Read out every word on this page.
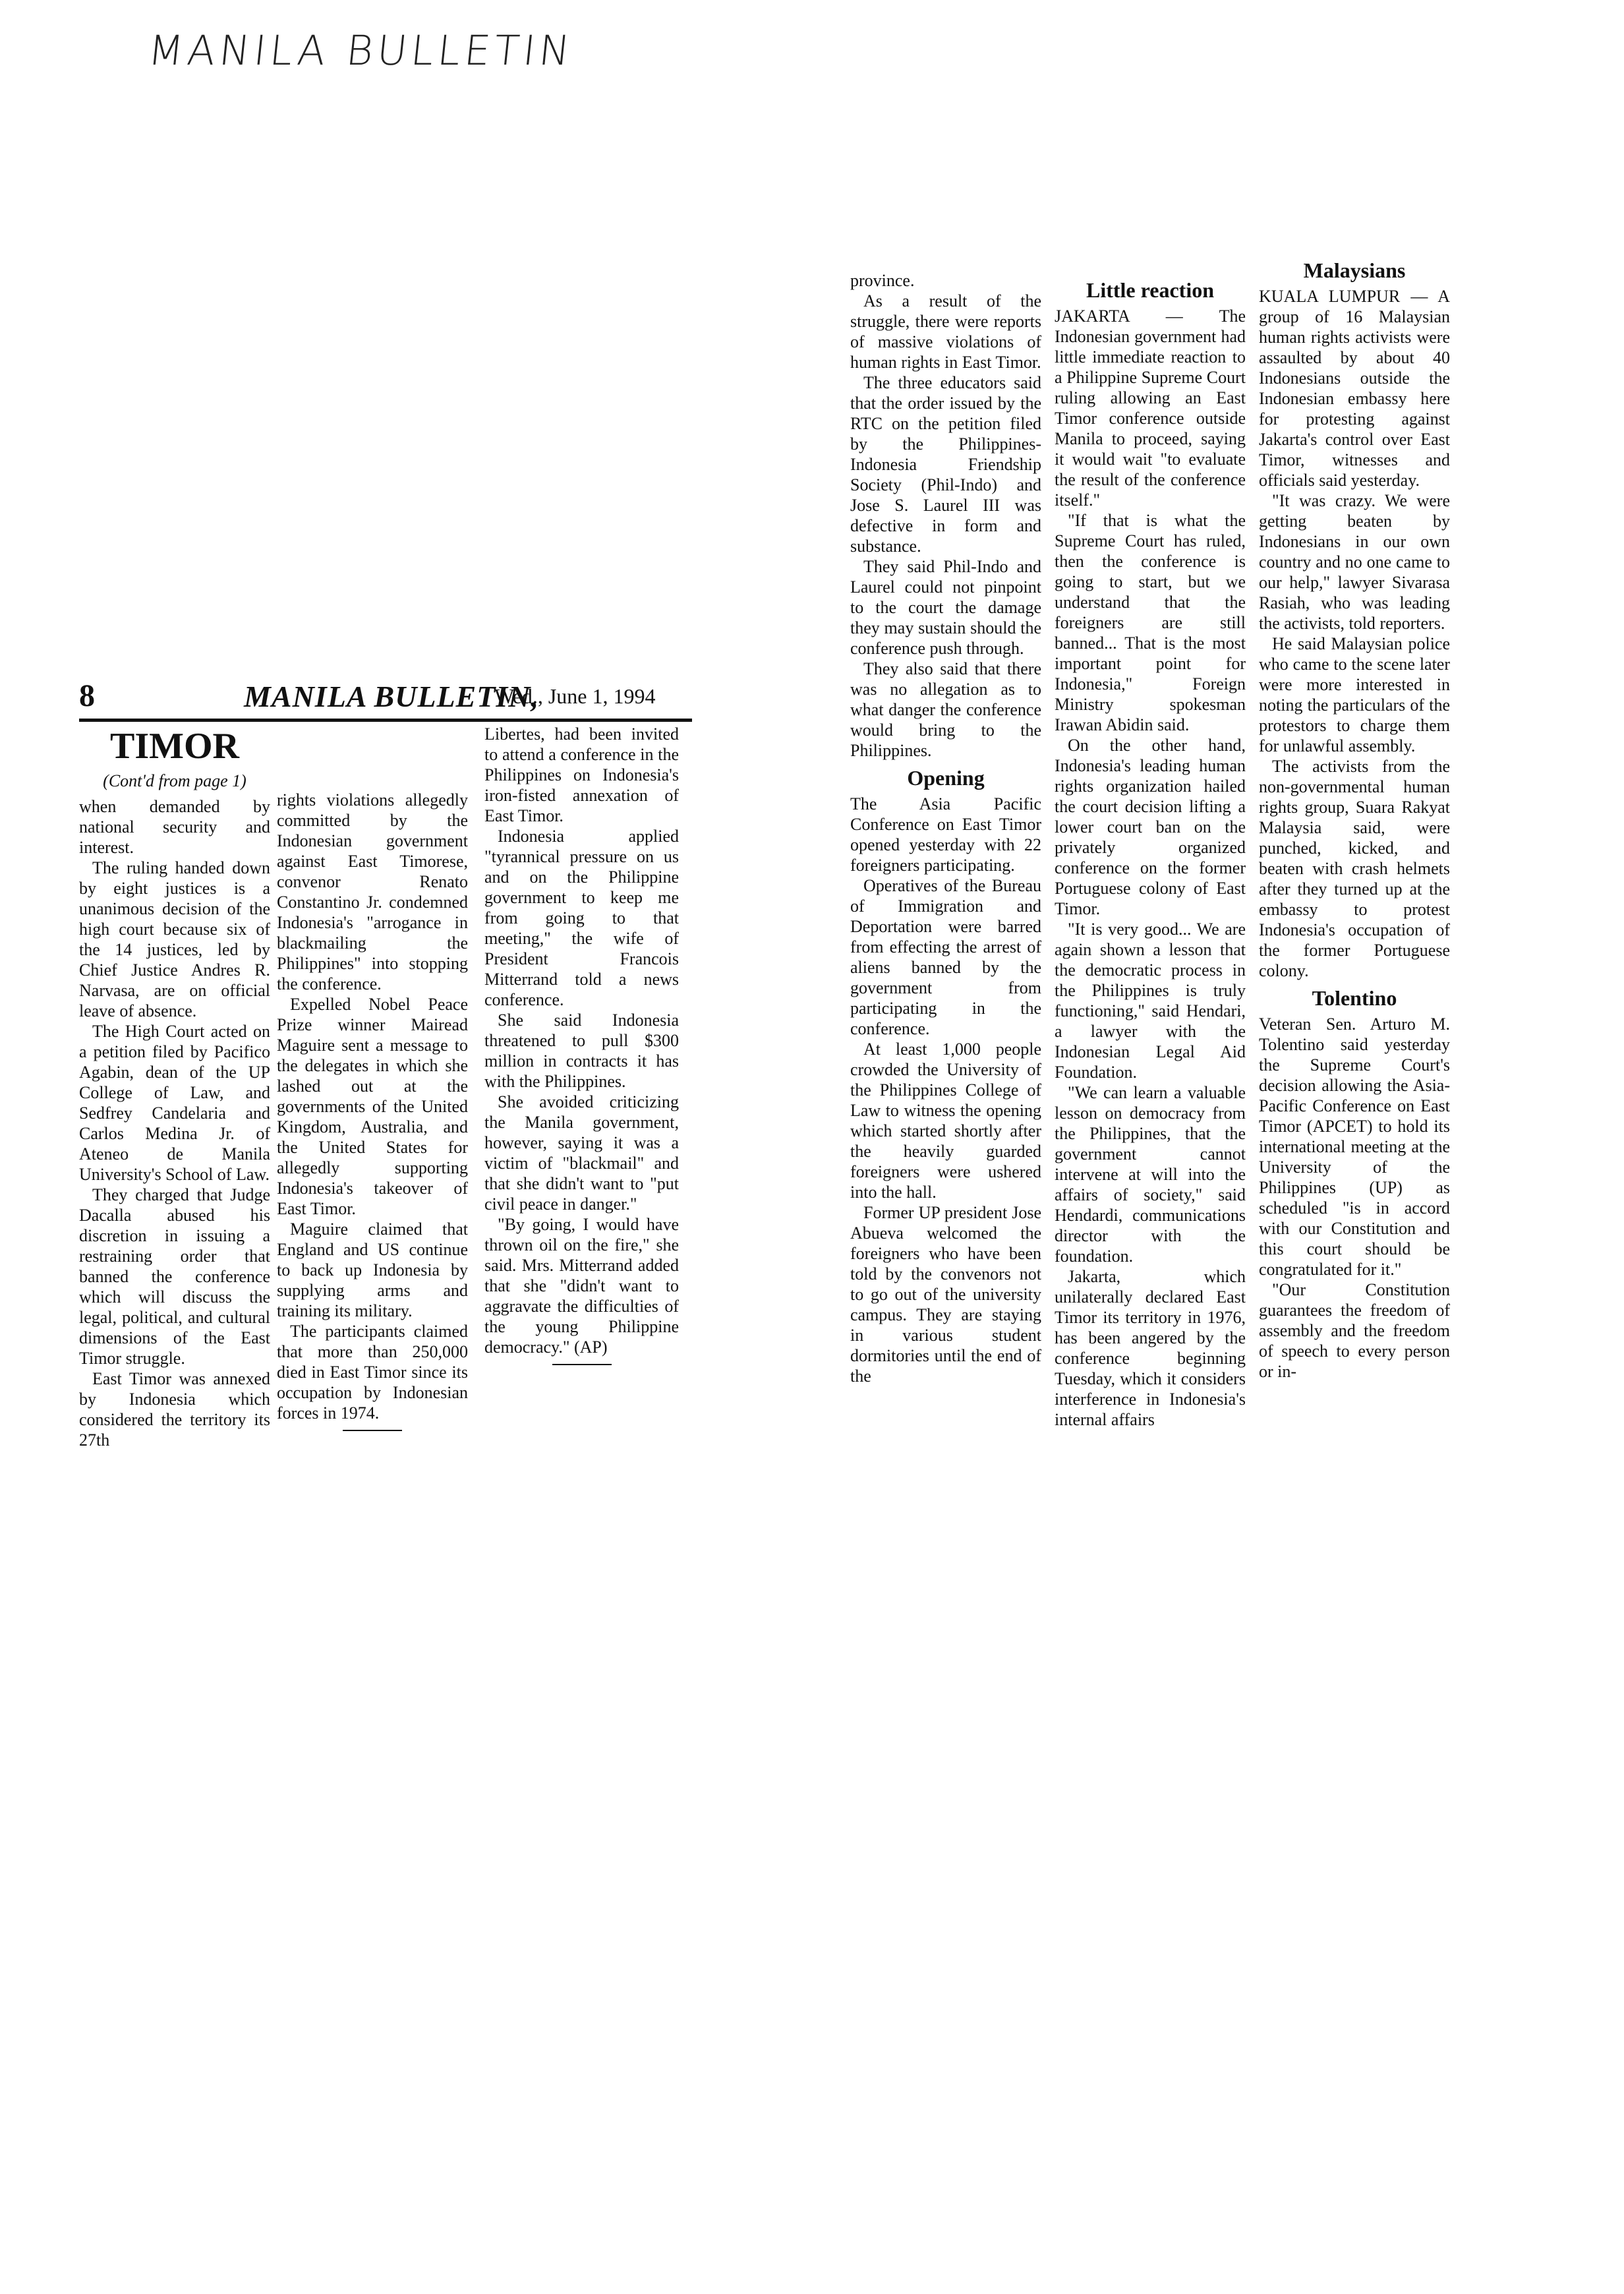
MANILA BULLETIN
8	MANILA BULLETIN,
Wed., June 1, 1994
TIMOR
(Cont'd from page 1)

when demanded by national security and interest.

The ruling handed down by eight justices is a unanimous decision of the high court because six of the 14 justices, led by Chief Justice Andres R. Narvasa, are on official leave of absence.

The High Court acted on a petition filed by Pacifico Agabin, dean of the UP College of Law, and Sedfrey Candelaria and Carlos Medina Jr. of Ateneo de Manila University's School of Law.

They charged that Judge Dacalla abused his discretion in issuing a restraining order that banned the conference which will discuss the legal, political, and cultural dimensions of the East Timor struggle.

East Timor was annexed by Indonesia which considered the territory its 27th

rights violations allegedly committed by the Indonesian government against East Timorese, convenor Renato Constantino Jr. condemned Indonesia's "arrogance in blackmailing the Philippines" into stopping the conference.

Expelled Nobel Peace Prize winner Mairead Maguire sent a message to the delegates in which she lashed out at the governments of the United Kingdom, Australia, and the United States for allegedly supporting Indonesia's takeover of East Timor.

Maguire claimed that England and US continue to back up Indonesia by supplying arms and training its military.

The participants claimed that more than 250,000 died in East Timor since its occupation by Indonesian forces in 1974.

Libertes, had been invited to attend a conference in the Philippines on Indonesia's iron-fisted annexation of East Timor.

Indonesia applied "tyrannical pressure on us and on the Philippine government to keep me from going to that meeting," the wife of President Francois Mitterrand told a news conference.

She said Indonesia threatened to pull $300 million in contracts it has with the Philippines.

She avoided criticizing the Manila government, however, saying it was a victim of "blackmail" and that she didn't want to "put civil peace in danger."

"By going, I would have thrown oil on the fire," she said. Mrs. Mitterrand added that she "didn't want to aggravate the difficulties of the young Philippine democracy." (AP)

province.

As a result of the struggle, there were reports of massive violations of human rights in East Timor.

The three educators said that the order issued by the RTC on the petition filed by the Philippines-Indonesia Friendship Society (Phil-Indo) and Jose S. Laurel III was defective in form and substance.

They said Phil-Indo and Laurel could not pinpoint to the court the damage they may sustain should the conference push through.

They also said that there was no allegation as to what danger the conference would bring to the Philippines.

Opening

The Asia Pacific Conference on East Timor opened yesterday with 22 foreigners participating.

Operatives of the Bureau of Immigration and Deportation were barred from effecting the arrest of aliens banned by the government from participating in the conference.

At least 1,000 people crowded the University of the Philippines College of Law to witness the opening which started shortly after the heavily guarded foreigners were ushered into the hall.

Former UP president Jose Abueva welcomed the foreigners who have been told by the convenors not to go out of the university campus. They are staying in various student dormitories until the end of the

Little reaction

JAKARTA — The Indonesian government had little immediate reaction to a Philippine Supreme Court ruling allowing an East Timor conference outside Manila to proceed, saying it would wait "to evaluate the result of the conference itself."

"If that is what the Supreme Court has ruled, then the conference is going to start, but we understand that the foreigners are still banned... That is the most important point for Indonesia," Foreign Ministry spokesman Irawan Abidin said.

On the other hand, Indonesia's leading human rights organization hailed the court decision lifting a lower court ban on the privately organized conference on the former Portuguese colony of East Timor.

"It is very good... We are again shown a lesson that the democratic process in the Philippines is truly functioning," said Hendari, a lawyer with the Indonesian Legal Aid Foundation.

"We can learn a valuable lesson on democracy from the Philippines, that the government cannot intervene at will into the affairs of society," said Hendardi, communications director with the foundation.

Jakarta, which unilaterally declared East Timor its territory in 1976, has been angered by the conference beginning Tuesday, which it considers interference in Indonesia's internal affairs

Malaysians

KUALA LUMPUR — A group of 16 Malaysian human rights activists were assaulted by about 40 Indonesians outside the Indonesian embassy here for protesting against Jakarta's control over East Timor, witnesses and officials said yesterday.

"It was crazy. We were getting beaten by Indonesians in our own country and no one came to our help," lawyer Sivarasa Rasiah, who was leading the activists, told reporters.

He said Malaysian police who came to the scene later were more interested in noting the particulars of the protestors to charge them for unlawful assembly.

The activists from the non-governmental human rights group, Suara Rakyat Malaysia said, were punched, kicked, and beaten with crash helmets after they turned up at the embassy to protest Indonesia's occupation of the former Portuguese colony.

Tolentino

Veteran Sen. Arturo M. Tolentino said yesterday the Supreme Court's decision allowing the Asia-Pacific Conference on East Timor (APCET) to hold its international meeting at the University of the Philippines (UP) as scheduled "is in accord with our Constitution and this court should be congratulated for it."

"Our Constitution guarantees the freedom of assembly and the freedom of speech to every person or in-
